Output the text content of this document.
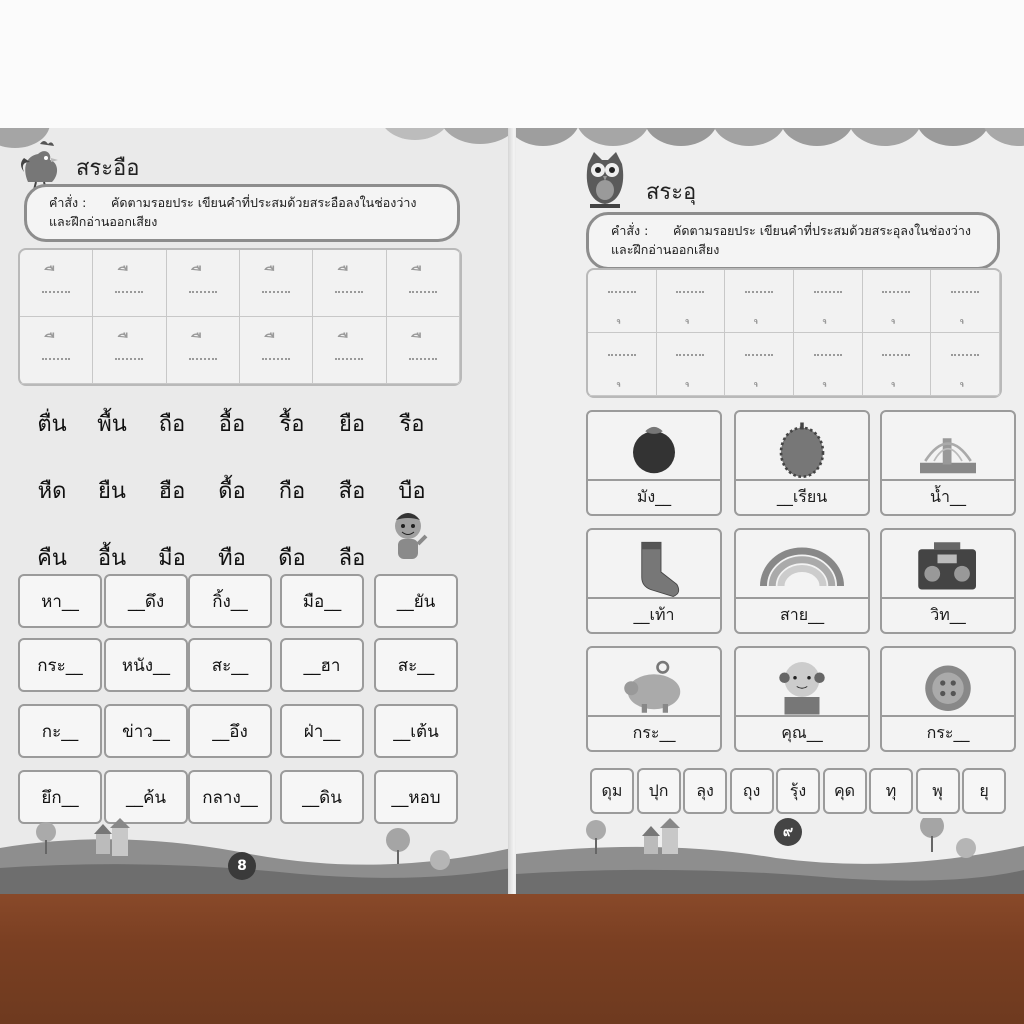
สระอือ
คำสั่ง : คัดตามรอยประ เขียนคำที่ประสมด้วยสระอือลงในช่องว่าง
และฝึกอ่านออกเสียง
ตื่น	พื้น	ถือ	อื้อ	รื้อ	ยือ	รือ
หืด	ยืน	ฮือ	ดื้อ	กือ	สือ	บือ
คืน	อื้น	มือ	ทือ	ดือ	ลือ
หา__	__ดึง	กิ้ง__	มือ__	__ยัน
กระ__	หนัง__	สะ__	__ฮา	สะ__
กะ__	ข่าว__	__อึง	ฝ่า__	__เต้น
ยึก__	__ค้น	กลาง__	__ดิน	__หอบ
8
สระอุ
คำสั่ง : คัดตามรอยประ เขียนคำที่ประสมด้วยสระอุลงในช่องว่าง
และฝึกอ่านออกเสียง
มัง__	__เรียน	น้ำ__
__เท้า	สาย__	วิท__
กระ__	คุณ__	กระ__
ดุม	ปุก	ลุง	ถุง	รุ้ง	คุด	ทุ	พุ	ยุ
๙
